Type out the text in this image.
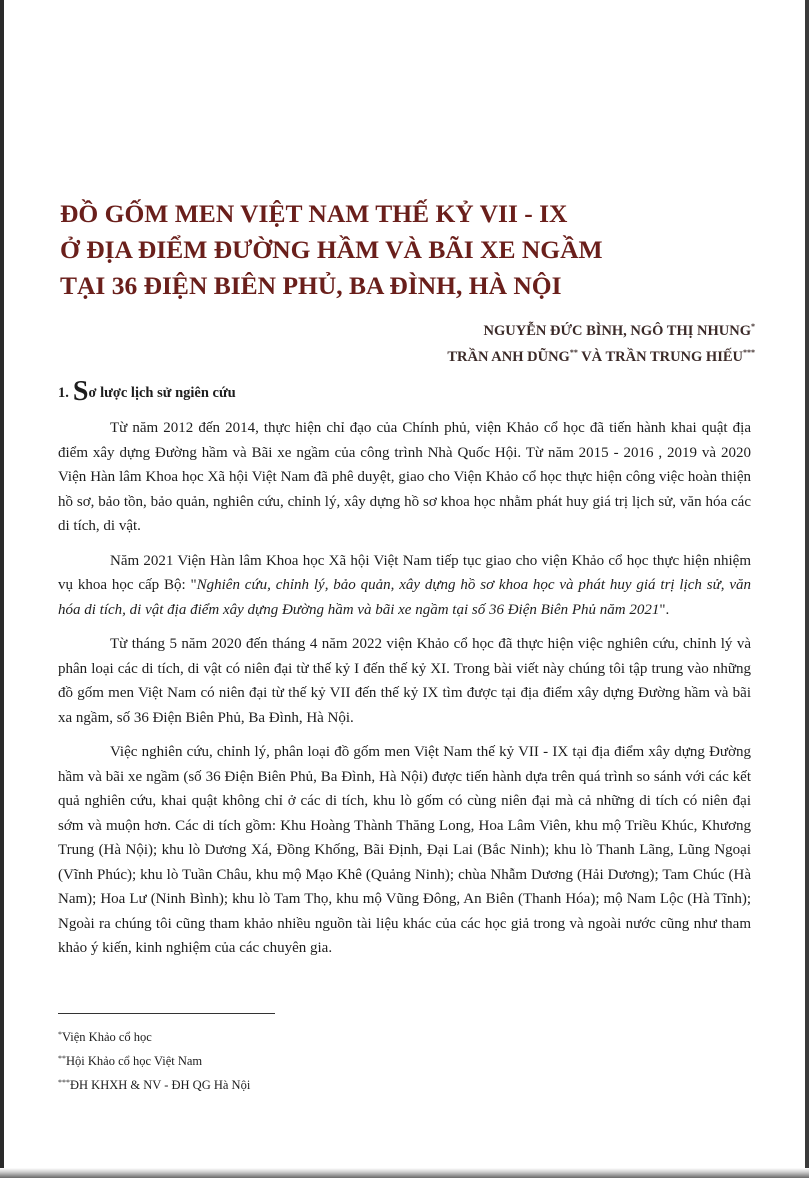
ĐỒ GỐM MEN VIỆT NAM THẾ KỶ VII - IX
Ở ĐỊA ĐIỂM ĐƯỜNG HẦM VÀ BÃI XE NGẦM
TẠI 36 ĐIỆN BIÊN PHỦ, BA ĐÌNH, HÀ NỘI
NGUYỄN ĐỨC BÌNH, NGÔ THỊ NHUNG*
TRẦN ANH DŨNG** VÀ TRẦN TRUNG HIẾU***
1. Sơ lược lịch sử ngiên cứu

Từ năm 2012 đến 2014, thực hiện chỉ đạo của Chính phủ, viện Khảo cổ học đã tiến hành khai quật địa điểm xây dựng Đường hầm và Bãi xe ngầm của công trình Nhà Quốc Hội. Từ năm 2015 - 2016 , 2019 và 2020 Viện Hàn lâm Khoa học Xã hội Việt Nam đã phê duyệt, giao cho Viện Khảo cổ học thực hiện công việc hoàn thiện hồ sơ, bảo tồn, bảo quản, nghiên cứu, chỉnh lý, xây dựng hồ sơ khoa học nhằm phát huy giá trị lịch sử, văn hóa các di tích, di vật.

Năm 2021 Viện Hàn lâm Khoa học Xã hội Việt Nam tiếp tục giao cho viện Khảo cổ học thực hiện nhiệm vụ khoa học cấp Bộ: "Nghiên cứu, chỉnh lý, bảo quản, xây dựng hồ sơ khoa học và phát huy giá trị lịch sử, văn hóa di tích, di vật địa điểm xây dựng Đường hầm và bãi xe ngầm tại số 36 Điện Biên Phủ năm 2021".

Từ tháng 5 năm 2020 đến tháng 4 năm 2022 viện Khảo cổ học đã thực hiện việc nghiên cứu, chỉnh lý và phân loại các di tích, di vật có niên đại từ thế kỷ I đến thế kỷ XI. Trong bài viết này chúng tôi tập trung vào những đồ gốm men Việt Nam có niên đại từ thế kỷ VII đến thế kỷ IX tìm được tại địa điểm xây dựng Đường hầm và bãi xa ngầm, số 36 Điện Biên Phủ, Ba Đình, Hà Nội.

Việc nghiên cứu, chỉnh lý, phân loại đồ gốm men Việt Nam thế kỷ VII - IX tại địa điểm xây dựng Đường hầm và bãi xe ngầm (số 36 Điện Biên Phủ, Ba Đình, Hà Nội) được tiến hành dựa trên quá trình so sánh với các kết quả nghiên cứu, khai quật không chỉ ở các di tích, khu lò gốm có cùng niên đại mà cả những di tích có niên đại sớm và muộn hơn. Các di tích gồm: Khu Hoàng Thành Thăng Long, Hoa Lâm Viên, khu mộ Triều Khúc, Khương Trung (Hà Nội); khu lò Dương Xá, Đồng Khống, Bãi Định, Đại Lai (Bắc Ninh); khu lò Thanh Lãng, Lũng Ngoại (Vĩnh Phúc); khu lò Tuần Châu, khu mộ Mạo Khê (Quảng Ninh); chùa Nhẫm Dương (Hải Dương); Tam Chúc (Hà Nam); Hoa Lư (Ninh Bình); khu lò Tam Thọ, khu mộ Vũng Đông, An Biên (Thanh Hóa); mộ Nam Lộc (Hà Tĩnh); Ngoài ra chúng tôi cũng tham khảo nhiều nguồn tài liệu khác của các học giả trong và ngoài nước cũng như tham khảo ý kiến, kinh nghiệm của các chuyên gia.

*Viện Khảo cổ học
**Hội Khảo cổ học Việt Nam
***ĐH KHXH & NV - ĐH QG Hà Nội
